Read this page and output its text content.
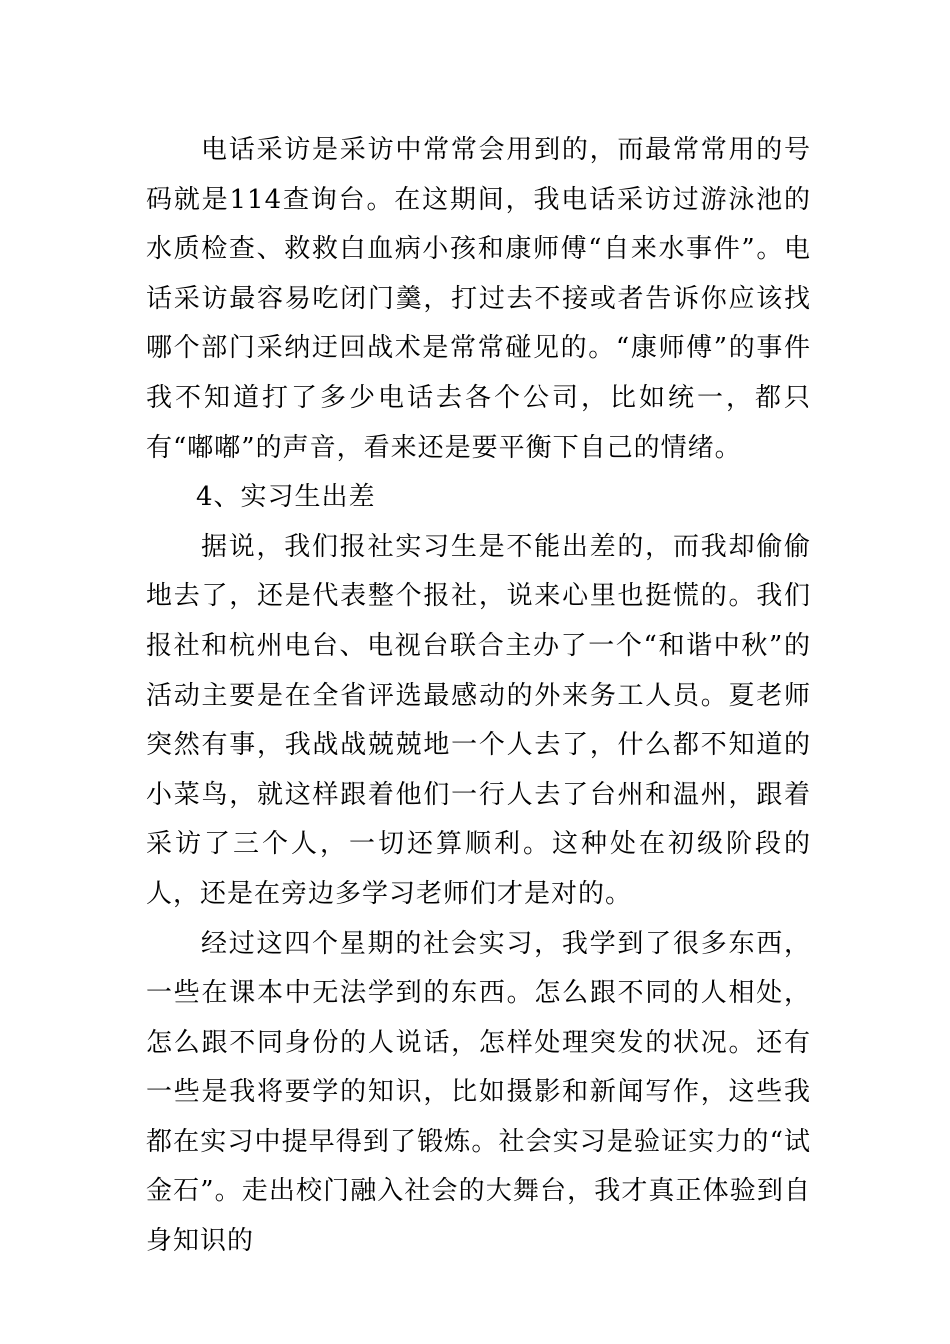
电话采访是采访中常常会用到的，而最常常用的号码就是114查询台。在这期间，我电话采访过游泳池的水质检查、救救白血病小孩和康师傅“自来水事件”。电话采访最容易吃闭门羹，打过去不接或者告诉你应该找哪个部门采纳迂回战术是常常碰见的。“康师傅”的事件我不知道打了多少电话去各个公司，比如统一，都只有“嘟嘟”的声音，看来还是要平衡下自己的情绪。

4、实习生出差

据说，我们报社实习生是不能出差的，而我却偷偷地去了，还是代表整个报社，说来心里也挺慌的。我们报社和杭州电台、电视台联合主办了一个“和谐中秋”的活动主要是在全省评选最感动的外来务工人员。夏老师突然有事，我战战兢兢地一个人去了，什么都不知道的小菜鸟，就这样跟着他们一行人去了台州和温州，跟着采访了三个人，一切还算顺利。这种处在初级阶段的人，还是在旁边多学习老师们才是对的。

经过这四个星期的社会实习，我学到了很多东西，一些在课本中无法学到的东西。怎么跟不同的人相处，怎么跟不同身份的人说话，怎样处理突发的状况。还有一些是我将要学的知识，比如摄影和新闻写作，这些我都在实习中提早得到了锻炼。社会实习是验证实力的“试金石”。走出校门融入社会的大舞台，我才真正体验到自身知识的
